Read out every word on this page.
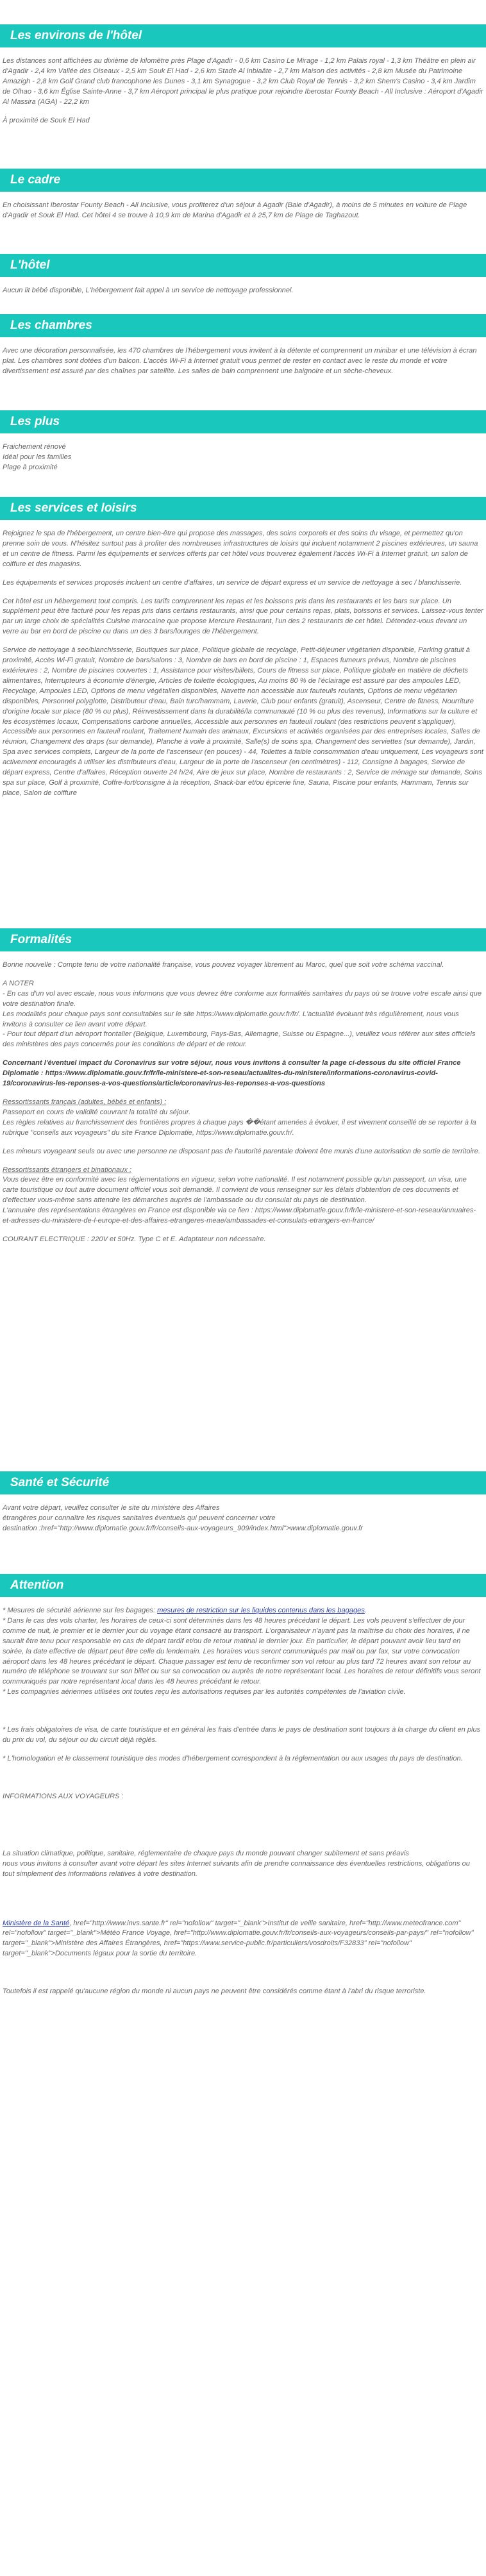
Les environs de l'hôtel

Les distances sont affichées au dixième de kilomètre près Plage d'Agadir - 0,6 km Casino Le Mirage - 1,2 km Palais royal - 1,3 km Théâtre en plein air d'Agadir - 2,4 km Vallée des Oiseaux - 2,5 km Souk El Had - 2,6 km Stade Al Inbiaâte - 2,7 km Maison des activités - 2,8 km Musée du Patrimoine Amazigh - 2,8 km Golf Grand club francophone les Dunes - 3,1 km Synagogue - 3,2 km Club Royal de Tennis - 3,2 km Shem's Casino - 3,4 km Jardim de Olhao - 3,6 km Église Sainte-Anne - 3,7 km Aéroport principal le plus pratique pour rejoindre Iberostar Founty Beach - All Inclusive : Aéroport d'Agadir Al Massira (AGA) - 22,2 km

À proximité de Souk El Had

Le cadre

En choisissant Iberostar Founty Beach - All Inclusive, vous profiterez d'un séjour à Agadir (Baie d'Agadir), à moins de 5 minutes en voiture de Plage d'Agadir et Souk El Had. Cet hôtel 4 se trouve à 10,9 km de Marina d'Agadir et à 25,7 km de Plage de Taghazout.

L'hôtel

Aucun lit bébé disponible, L'hébergement fait appel à un service de nettoyage professionnel.

Les chambres

Avec une décoration personnalisée, les 470 chambres de l'hébergement vous invitent à la détente et comprennent un minibar et une télévision à écran plat. Les chambres sont dotées d'un balcon. L'accès Wi-Fi à Internet gratuit vous permet de rester en contact avec le reste du monde et votre divertissement est assuré par des chaînes par satellite. Les salles de bain comprennent une baignoire et un sèche-cheveux.

Les plus

Fraichement rénové
Idéal pour les familles
Plage à proximité

Les services et loisirs

Rejoignez le spa de l'hébergement, un centre bien-être qui propose des massages, des soins corporels et des soins du visage, et permettez qu'on prenne soin de vous. N'hésitez surtout pas à profiter des nombreuses infrastructures de loisirs qui incluent notamment 2 piscines extérieures, un sauna et un centre de fitness. Parmi les équipements et services offerts par cet hôtel vous trouverez également l'accès Wi-Fi à Internet gratuit, un salon de coiffure et des magasins.

Les équipements et services proposés incluent un centre d'affaires, un service de départ express et un service de nettoyage à sec / blanchisserie.

Cet hôtel est un hébergement tout compris. Les tarifs comprennent les repas et les boissons pris dans les restaurants et les bars sur place. Un supplément peut être facturé pour les repas pris dans certains restaurants, ainsi que pour certains repas, plats, boissons et services. Laissez-vous tenter par un large choix de spécialités Cuisine marocaine que propose Mercure Restaurant, l'un des 2 restaurants de cet hôtel. Détendez-vous devant un verre au bar en bord de piscine ou dans un des 3 bars/lounges de l'hébergement.

Service de nettoyage à sec/blanchisserie, Boutiques sur place, Politique globale de recyclage, Petit-déjeuner végétarien disponible, Parking gratuit à proximité, Accès Wi-Fi gratuit, Nombre de bars/salons : 3, Nombre de bars en bord de piscine : 1, Espaces fumeurs prévus, Nombre de piscines extérieures : 2, Nombre de piscines couvertes : 1, Assistance pour visites/billets, Cours de fitness sur place, Politique globale en matière de déchets alimentaires, Interrupteurs à économie d'énergie, Articles de toilette écologiques, Au moins 80 % de l'éclairage est assuré par des ampoules LED, Recyclage, Ampoules LED, Options de menu végétalien disponibles, Navette non accessible aux fauteuils roulants, Options de menu végétarien disponibles, Personnel polyglotte, Distributeur d'eau, Bain turc/hammam, Laverie, Club pour enfants (gratuit), Ascenseur, Centre de fitness, Nourriture d'origine locale sur place (80 % ou plus), Réinvestissement dans la durabilité/la communauté (10 % ou plus des revenus), Informations sur la culture et les écosystèmes locaux, Compensations carbone annuelles, Accessible aux personnes en fauteuil roulant (des restrictions peuvent s'appliquer), Accessible aux personnes en fauteuil roulant, Traitement humain des animaux, Excursions et activités organisées par des entreprises locales, Salles de réunion, Changement des draps (sur demande), Planche à voile à proximité, Salle(s) de soins spa, Changement des serviettes (sur demande), Jardin, Spa avec services complets, Largeur de la porte de l'ascenseur (en pouces) - 44, Toilettes à faible consommation d'eau uniquement, Les voyageurs sont activement encouragés à utiliser les distributeurs d'eau, Largeur de la porte de l'ascenseur (en centimètres) - 112, Consigne à bagages, Service de départ express, Centre d'affaires, Réception ouverte 24 h/24, Aire de jeux sur place, Nombre de restaurants : 2, Service de ménage sur demande, Soins spa sur place, Golf à proximité, Coffre-fort/consigne à la réception, Snack-bar et/ou épicerie fine, Sauna, Piscine pour enfants, Hammam, Tennis sur place, Salon de coiffure

Formalités

Bonne nouvelle : Compte tenu de votre nationalité française, vous pouvez voyager librement au Maroc, quel que soit votre schéma vaccinal.

A NOTER
- En cas d'un vol avec escale, nous vous informons que vous devrez être conforme aux formalités sanitaires du pays où se trouve votre escale ainsi que votre destination finale.
Les modalités pour chaque pays sont consultables sur le site https://www.diplomatie.gouv.fr/fr/. L'actualité évoluant très régulièrement, nous vous invitons à consulter ce lien avant votre départ.
- Pour tout départ d'un aéroport frontalier (Belgique, Luxembourg, Pays-Bas, Allemagne, Suisse ou Espagne...), veuillez vous référer aux sites officiels des ministères des pays concernés pour les conditions de départ et de retour.

Concernant l'éventuel impact du Coronavirus sur votre séjour, nous vous invitons à consulter la page ci-dessous du site officiel France Diplomatie : https://www.diplomatie.gouv.fr/fr/le-ministere-et-son-reseau/actualites-du-ministere/informations-coronavirus-covid-19/coronavirus-les-reponses-a-vos-questions/article/coronavirus-les-reponses-a-vos-questions

Ressortissants français (adultes, bébés et enfants) :
Passeport en cours de validité couvrant la totalité du séjour.
Les règles relatives au franchissement des frontières propres à chaque pays ��étant amenées à évoluer, il est vivement conseillé de se reporter à la rubrique "conseils aux voyageurs" du site France Diplomatie, https://www.diplomatie.gouv.fr/.

Les mineurs voyageant seuls ou avec une personne ne disposant pas de l'autorité parentale doivent être munis d'une autorisation de sortie de territoire.

Ressortissants étrangers et binationaux :
Vous devez être en conformité avec les réglementations en vigueur, selon votre nationalité. Il est notamment possible qu'un passeport, un visa, une carte touristique ou tout autre document officiel vous soit demandé. Il convient de vous renseigner sur les délais d'obtention de ces documents et d'effectuer vous-même sans attendre les démarches auprès de l'ambassade ou du consulat du pays de destination.
L'annuaire des représentations étrangères en France est disponible via ce lien : https://www.diplomatie.gouv.fr/fr/le-ministere-et-son-reseau/annuaires-et-adresses-du-ministere-de-l-europe-et-des-affaires-etrangeres-meae/ambassades-et-consulats-etrangers-en-france/

COURANT ELECTRIQUE : 220V et 50Hz. Type C et E. Adaptateur non nécessaire.

Santé et Sécurité

Avant votre départ, veuillez consulter le site du ministère des Affaires
étrangères pour connaître les risques sanitaires éventuels qui peuvent concerner votre
destination :href="http://www.diplomatie.gouv.fr/fr/conseils-aux-voyageurs_909/index.html">www.diplomatie.gouv.fr

Attention

* Mesures de sécurité aérienne sur les bagages: mesures de restriction sur les liquides contenus dans les bagages.
* Dans le cas des vols charter, les horaires de ceux-ci sont déterminés dans les 48 heures précédant le départ. Les vols peuvent s'effectuer de jour comme de nuit, le premier et le dernier jour du voyage étant consacré au transport. L'organisateur n'ayant pas la maîtrise du choix des horaires, il ne saurait être tenu pour responsable en cas de départ tardif et/ou de retour matinal le dernier jour. En particulier, le départ pouvant avoir lieu tard en soirée, la date effective de départ peut être celle du lendemain. Les horaires vous seront communiqués par mail ou par fax, sur votre convocation aéroport dans les 48 heures précédant le départ. Chaque passager est tenu de reconfirmer son vol retour au plus tard 72 heures avant son retour au numéro de téléphone se trouvant sur son billet ou sur sa convocation ou auprès de notre représentant local. Les horaires de retour définitifs vous seront communiqués par notre représentant local dans les 48 heures précédant le retour.
* Les compagnies aériennes utilisées ont toutes reçu les autorisations requises par les autorités compétentes de l'aviation civile.

* Les frais obligatoires de visa, de carte touristique et en général les frais d'entrée dans le pays de destination sont toujours à la charge du client en plus du prix du vol, du séjour ou du circuit déjà réglés.

* L'homologation et le classement touristique des modes d'hébergement correspondent à la réglementation ou aux usages du pays de destination.

INFORMATIONS AUX VOYAGEURS :

La situation climatique, politique, sanitaire, réglementaire de chaque pays du monde pouvant changer subitement et sans préavis
nous vous invitons à consulter avant votre départ les sites Internet suivants afin de prendre connaissance des éventuelles restrictions, obligations ou tout simplement des informations relatives à votre destination.

Ministère de la Santé, href="http://www.invs.sante.fr" rel="nofollow" target="_blank">Institut de veille sanitaire, href="http://www.meteofrance.com" rel="nofollow" target="_blank">Météo France Voyage, href="http://www.diplomatie.gouv.fr/fr/conseils-aux-voyageurs/conseils-par-pays/" rel="nofollow" target="_blank">Ministère des Affaires Étrangères, href="https://www.service-public.fr/particuliers/vosdroits/F32833" rel="nofollow" target="_blank">Documents légaux pour la sortie du territoire.

Toutefois il est rappelé qu'aucune région du monde ni aucun pays ne peuvent être considérés comme étant à l'abri du risque terroriste.
